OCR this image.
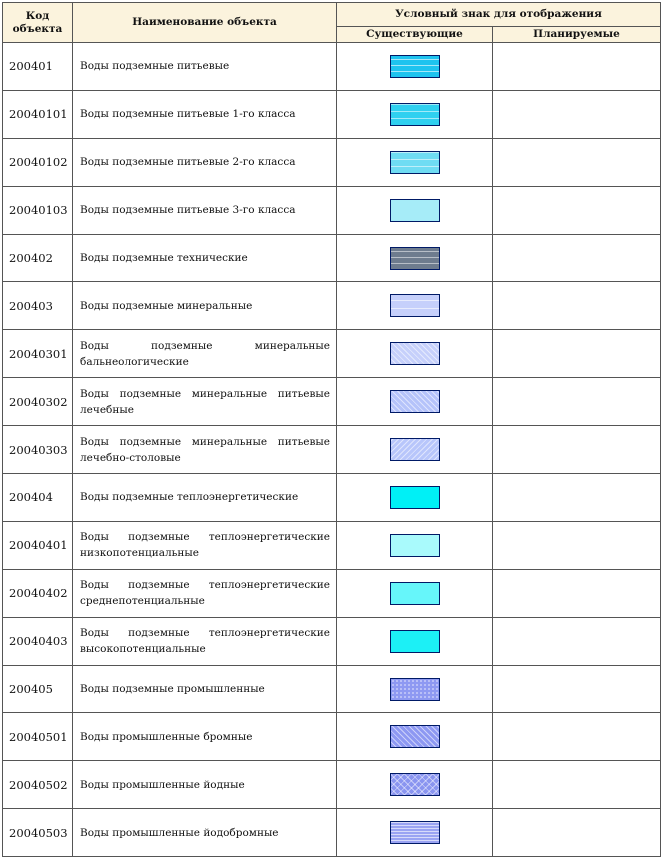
Код объекта	Наименование объекта	Условный знак для отображения	
		Существующие	Планируемые
200401	Воды подземные питьевые		
20040101	Воды подземные питьевые 1-го класса		
20040102	Воды подземные питьевые 2-го класса		
20040103	Воды подземные питьевые 3-го класса		
200402	Воды подземные технические		
200403	Воды подземные минеральные		
20040301	Воды подземные минеральные бальнеологические		
20040302	Воды подземные минеральные питьевые лечебные		
20040303	Воды подземные минеральные питьевые лечебно-столовые		
200404	Воды подземные теплоэнергетические		
20040401	Воды подземные теплоэнергетические низкопотенциальные		
20040402	Воды подземные теплоэнергетические среднепотенциальные		
20040403	Воды подземные теплоэнергетические высокопотенциальные		
200405	Воды подземные промышленные		
20040501	Воды промышленные бромные		
20040502	Воды промышленные йодные		
20040503	Воды промышленные йодобромные		
